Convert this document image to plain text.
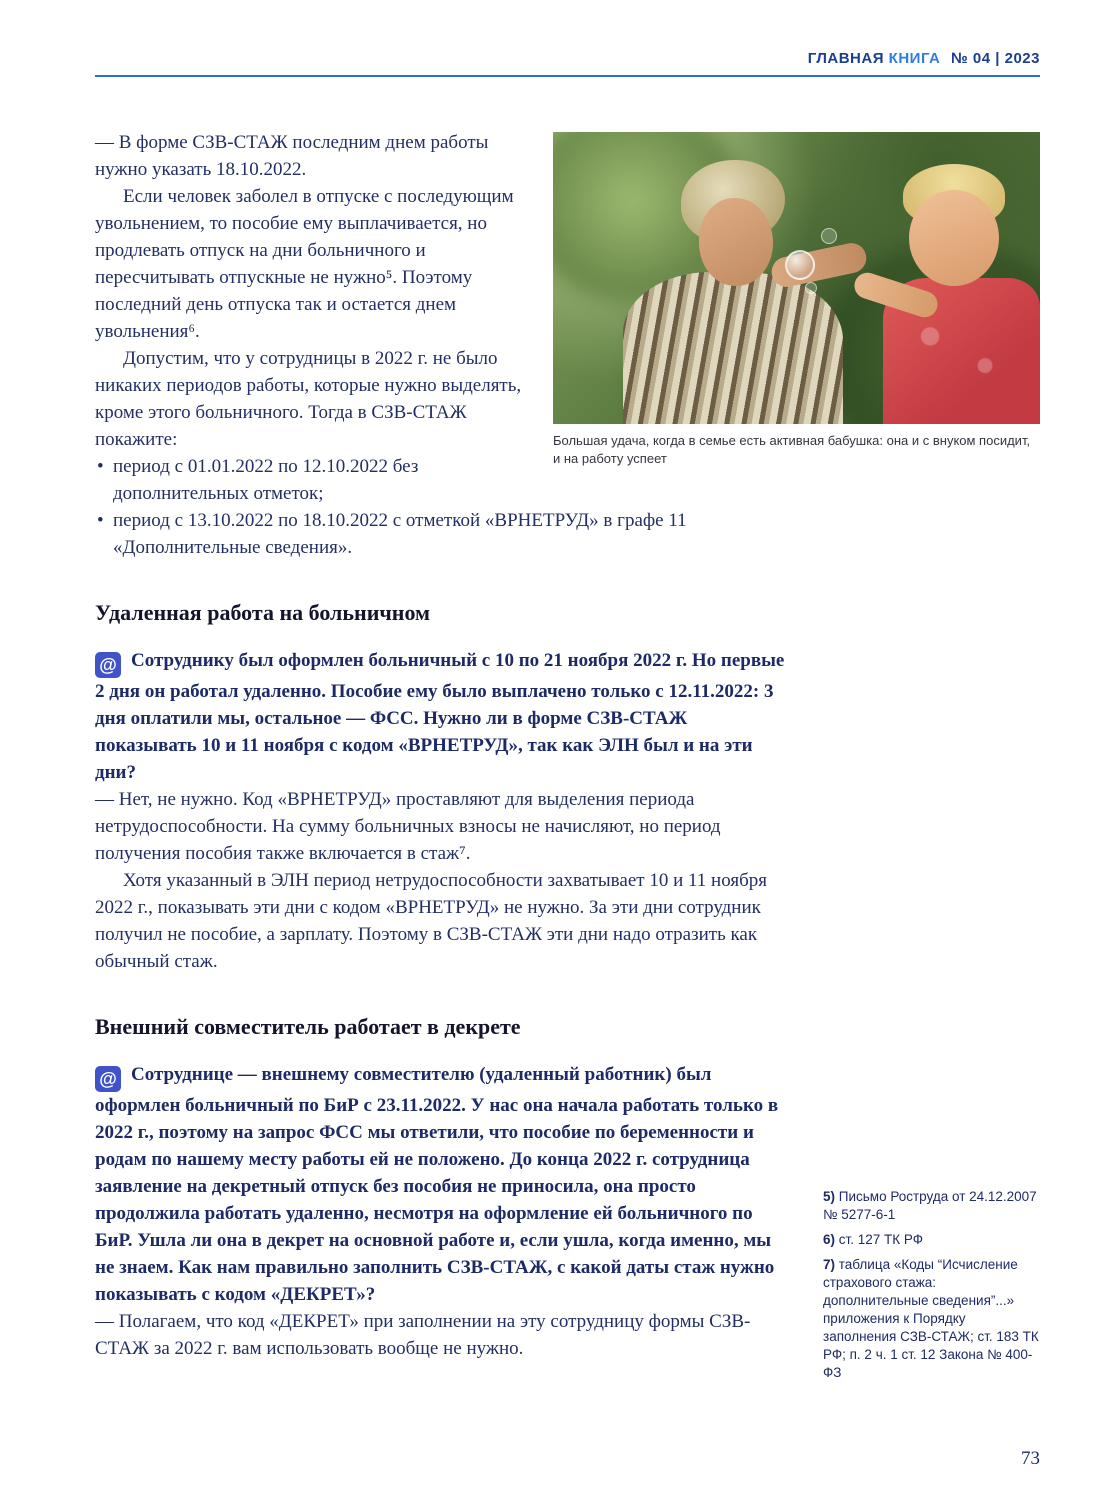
ГЛАВНАЯ КНИГА № 04 | 2023
Большая удача, когда в семье есть активная бабушка: она и с внуком посидит, и на работу успеет

— В форме СЗВ-СТАЖ последним днем работы нужно указать 18.10.2022.

Если человек заболел в отпуске с последующим увольнением, то пособие ему выплачивается, но продлевать отпуск на дни больничного и пересчитывать отпускные не нужно⁵. Поэтому последний день отпуска так и остается днем увольнения⁶.

Допустим, что у сотрудницы в 2022 г. не было никаких периодов работы, которые нужно выделять, кроме этого больничного. Тогда в СЗВ-СТАЖ покажите:

• период с 01.01.2022 по 12.10.2022 без дополнительных отметок;
• период с 13.10.2022 по 18.10.2022 с отметкой «ВРНЕТРУД» в графе 11 «Дополнительные сведения».
Удаленная работа на больничном

@ Сотруднику был оформлен больничный с 10 по 21 ноября 2022 г. Но первые 2 дня он работал удаленно. Пособие ему было выплачено только с 12.11.2022: 3 дня оплатили мы, остальное — ФСС. Нужно ли в форме СЗВ-СТАЖ показывать 10 и 11 ноября с кодом «ВРНЕТРУД», так как ЭЛН был и на эти дни?

— Нет, не нужно. Код «ВРНЕТРУД» проставляют для выделения периода нетрудоспособности. На сумму больничных взносы не начисляют, но период получения пособия также включается в стаж⁷.

Хотя указанный в ЭЛН период нетрудоспособности захватывает 10 и 11 ноября 2022 г., показывать эти дни с кодом «ВРНЕТРУД» не нужно. За эти дни сотрудник получил не пособие, а зарплату. Поэтому в СЗВ-СТАЖ эти дни надо отразить как обычный стаж.

Внешний совместитель работает в декрете

@ Сотруднице — внешнему совместителю (удаленный работник) был оформлен больничный по БиР с 23.11.2022. У нас она начала работать только в 2022 г., поэтому на запрос ФСС мы ответили, что пособие по беременности и родам по нашему месту работы ей не положено. До конца 2022 г. сотрудница заявление на декретный отпуск без пособия не приносила, она просто продолжила работать удаленно, несмотря на оформление ей больничного по БиР. Ушла ли она в декрет на основной работе и, если ушла, когда именно, мы не знаем. Как нам правильно заполнить СЗВ-СТАЖ, с какой даты стаж нужно показывать с кодом «ДЕКРЕТ»?

— Полагаем, что код «ДЕКРЕТ» при заполнении на эту сотрудницу формы СЗВ-СТАЖ за 2022 г. вам использовать вообще не нужно.

5) Письмо Роструда от 24.12.2007 № 5277-6-1

6) ст. 127 ТК РФ

7) таблица «Коды “Исчисление страхового стажа: дополнительные сведения”...» приложения к Порядку заполнения СЗВ-СТАЖ; ст. 183 ТК РФ; п. 2 ч. 1 ст. 12 Закона № 400-ФЗ

73
